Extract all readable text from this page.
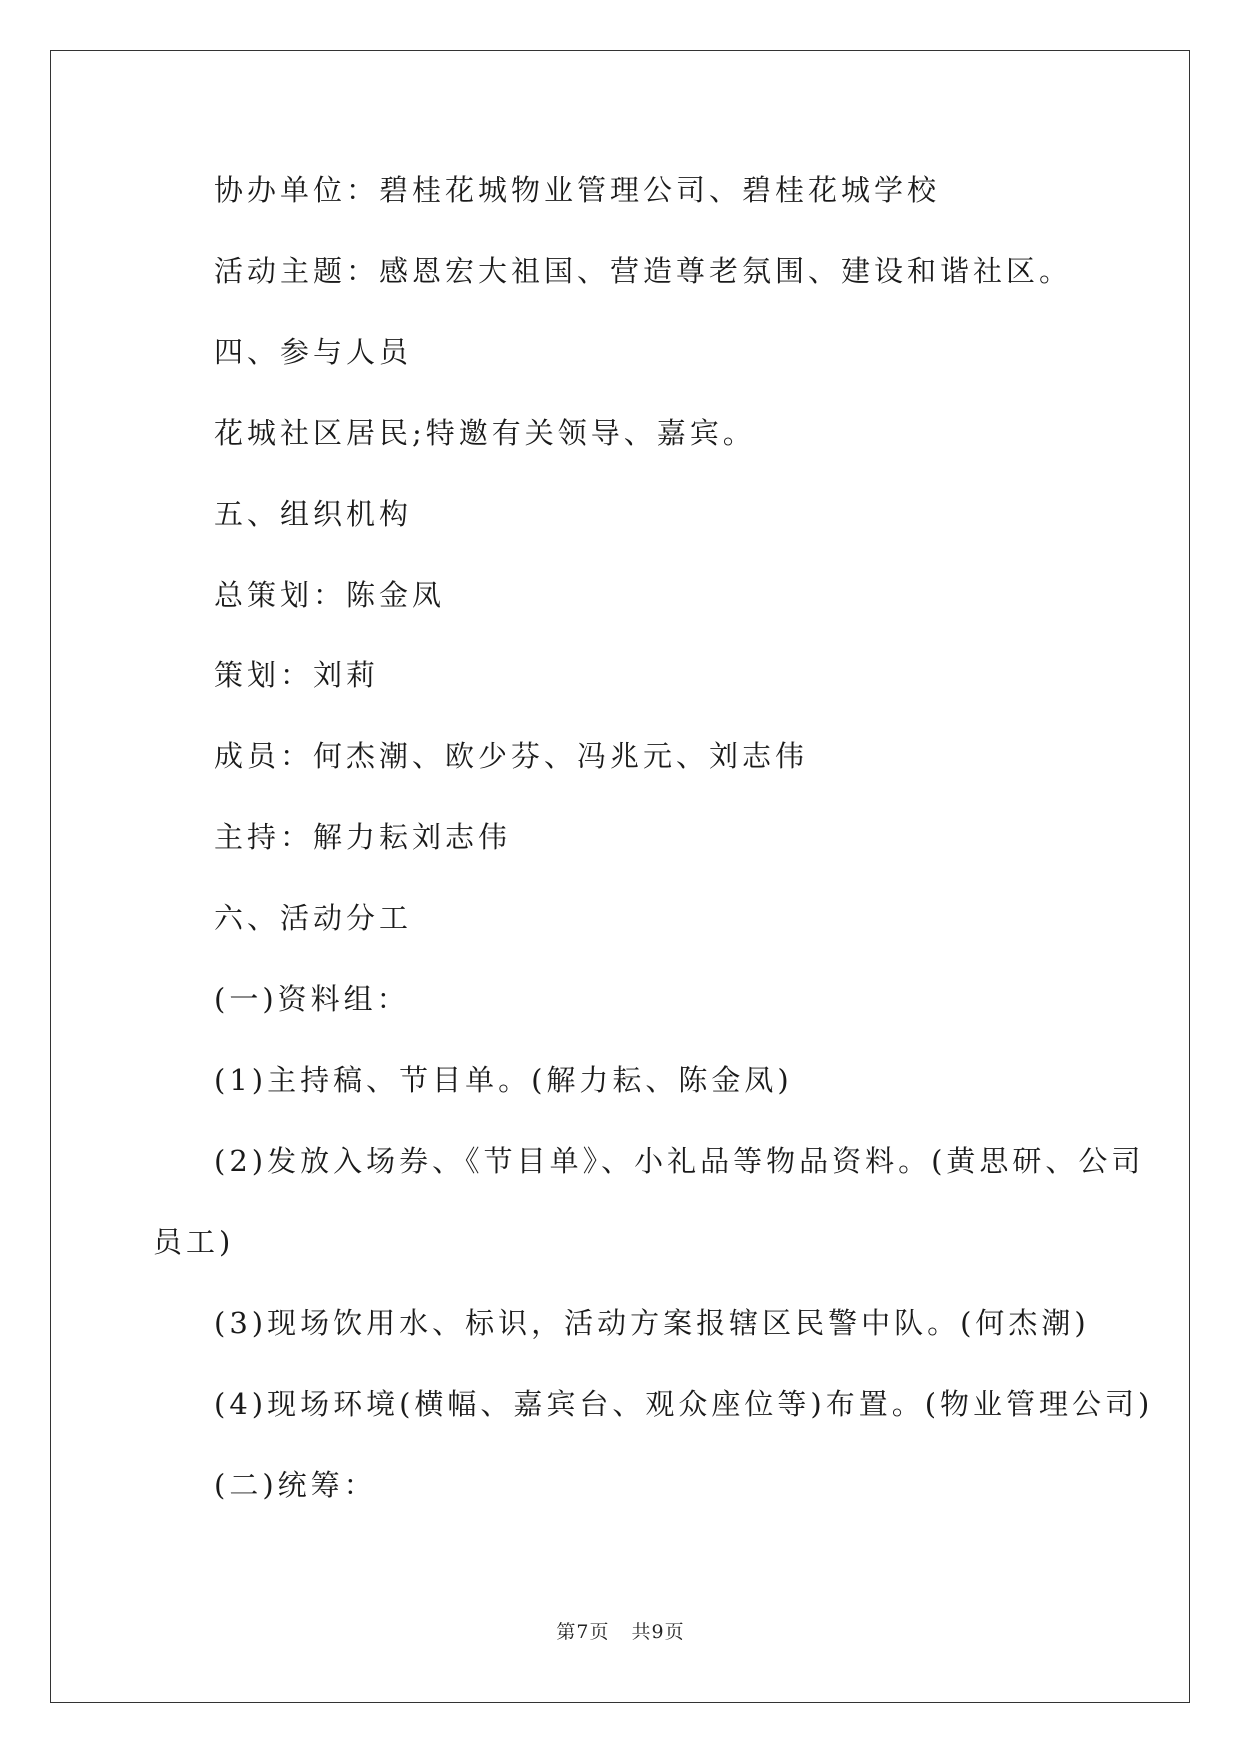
协办单位：碧桂花城物业管理公司、碧桂花城学校
活动主题：感恩宏大祖国、营造尊老氛围、建设和谐社区。
四、参与人员
花城社区居民;特邀有关领导、嘉宾。
五、组织机构
总策划：陈金凤
策划：刘莉
成员：何杰潮、欧少芬、冯兆元、刘志伟
主持：解力耘刘志伟
六、活动分工
(一)资料组：
(1)主持稿、节目单。(解力耘、陈金凤)
(2)发放入场券、《节目单》、小礼品等物品资料。(黄思研、公司
员工)
(3)现场饮用水、标识，活动方案报辖区民警中队。(何杰潮)
(4)现场环境(横幅、嘉宾台、观众座位等)布置。(物业管理公司)
(二)统筹：
第7页 共9页
